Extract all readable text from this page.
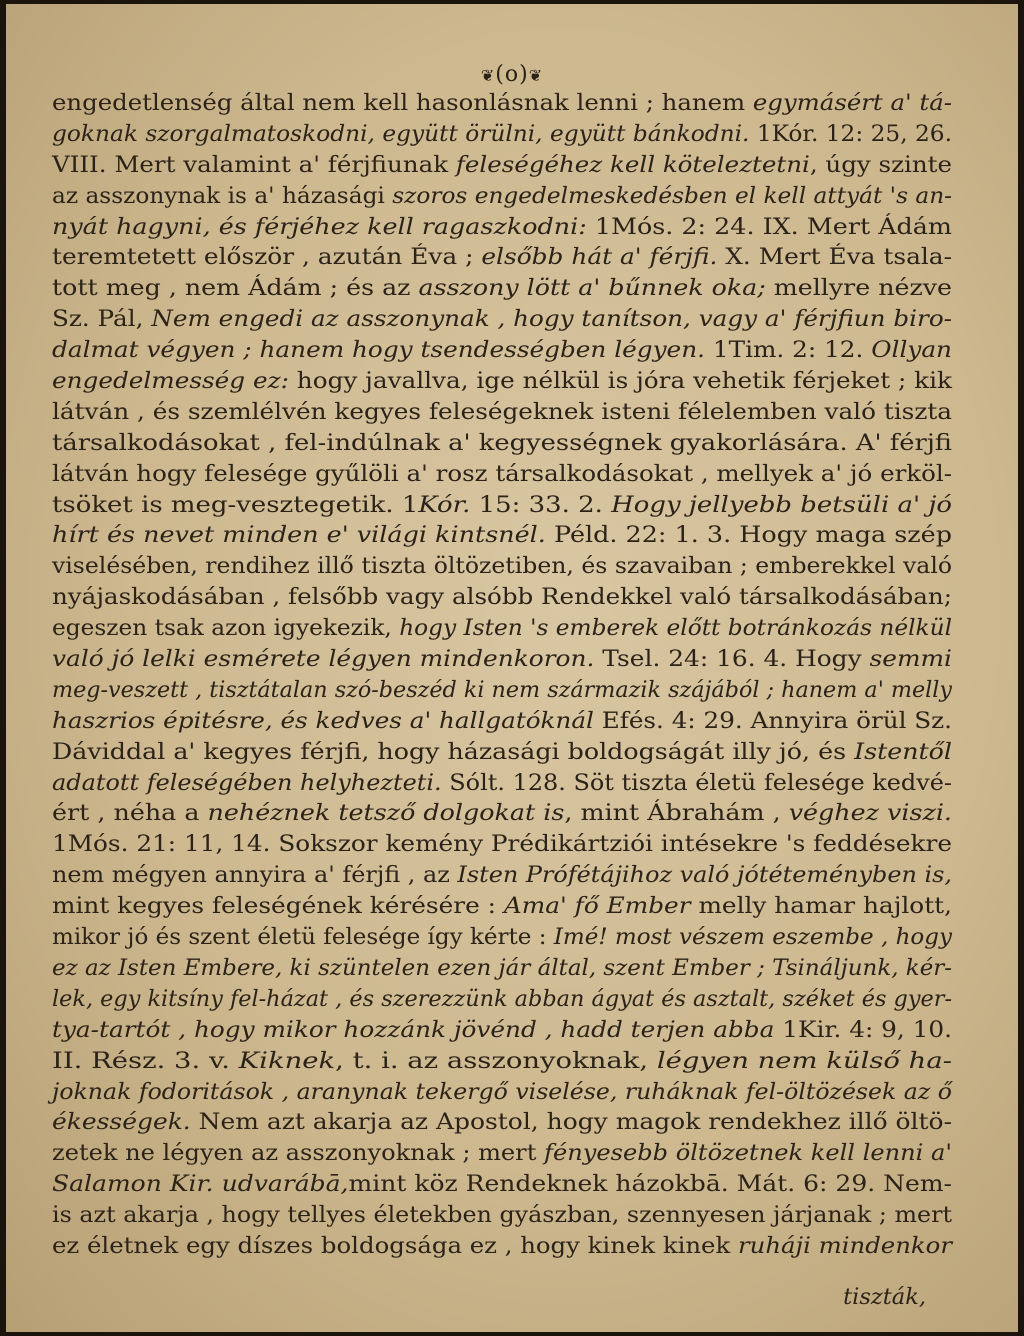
❦(o)❦
engedetlenség által nem kell hasonlásnak lenni ; hanem egymásért a' tá-
goknak szorgalmatoskodni, együtt örülni, együtt bánkodni. 1Kór. 12: 25, 26.
VIII. Mert valamint a' férjfiunak feleségéhez kell köteleztetni, úgy szinte
az asszonynak is a' házasági szoros engedelmeskedésben el kell attyát 's an-
nyát hagyni, és férjéhez kell ragaszkodni: 1Mós. 2: 24. IX. Mert Ádám
teremtetett először , azután Éva ; elsőbb hát a' férjfi. X. Mert Éva tsala-
tott meg , nem Ádám ; és az asszony lött a' bűnnek oka; mellyre nézve
Sz. Pál, Nem engedi az asszonynak , hogy tanítson, vagy a' férjfiun biro-
dalmat végyen ; hanem hogy tsendességben légyen. 1Tim. 2: 12. Ollyan
engedelmesség ez: hogy javallva, ige nélkül is jóra vehetik férjeket ; kik
látván , és szemlélvén kegyes feleségeknek isteni félelemben való tiszta
társalkodásokat , fel-indúlnak a' kegyességnek gyakorlására. A' férjfi
látván hogy felesége gyűlöli a' rosz társalkodásokat , mellyek a' jó erköl-
tsöket is meg-vesztegetik. 1Kór. 15: 33. 2. Hogy jellyebb betsüli a' jó
hírt és nevet minden e' világi kintsnél. Péld. 22: 1. 3. Hogy maga szép
viselésében, rendihez illő tiszta öltözetiben, és szavaiban ; emberekkel való
nyájaskodásában , felsőbb vagy alsóbb Rendekkel való társalkodásában;
egeszen tsak azon igyekezik, hogy Isten 's emberek előtt botránkozás nélkül
való jó lelki esmérete légyen mindenkoron. Tsel. 24: 16. 4. Hogy semmi
meg-veszett , tisztátalan szó-beszéd ki nem származik szájából ; hanem a' melly
haszrios épitésre, és kedves a' hallgatóknál Efés. 4: 29. Annyira örül Sz.
Dáviddal a' kegyes férjfi, hogy házasági boldogságát illy jó, és Istentől
adatott feleségében helyhezteti. Sólt. 128. Söt tiszta életü felesége kedvé-
ért , néha a nehéznek tetsző dolgokat is, mint Ábrahám , véghez viszi.
1Mós. 21: 11, 14. Sokszor kemény Prédikártziói intésekre 's feddésekre
nem mégyen annyira a' férjfi , az Isten Prófétájihoz való jótéteményben is,
mint kegyes feleségének kérésére : Ama' fő Ember melly hamar hajlott,
mikor jó és szent életü felesége így kérte : Imé! most vészem eszembe , hogy
ez az Isten Embere, ki szüntelen ezen jár által, szent Ember ; Tsináljunk, kér-
lek, egy kitsíny fel-házat , és szerezzünk abban ágyat és asztalt, széket és gyer-
tya-tartót , hogy mikor hozzánk jövénd , hadd terjen abba 1Kir. 4: 9, 10.
II. Rész. 3. v. Kiknek, t. i. az asszonyoknak, légyen nem külső ha-
joknak fodoritások , aranynak tekergő viselése, ruháknak fel-öltözések az ő
ékességek. Nem azt akarja az Apostol, hogy magok rendekhez illő öltö-
zetek ne légyen az asszonyoknak ; mert fényesebb öltözetnek kell lenni a'
Salamon Kir. udvarábā,mint köz Rendeknek házokbā. Mát. 6: 29. Nem-
is azt akarja , hogy tellyes életekben gyászban, szennyesen járjanak ; mert
ez életnek egy díszes boldogsága ez , hogy kinek kinek ruháji mindenkor
tiszták,
